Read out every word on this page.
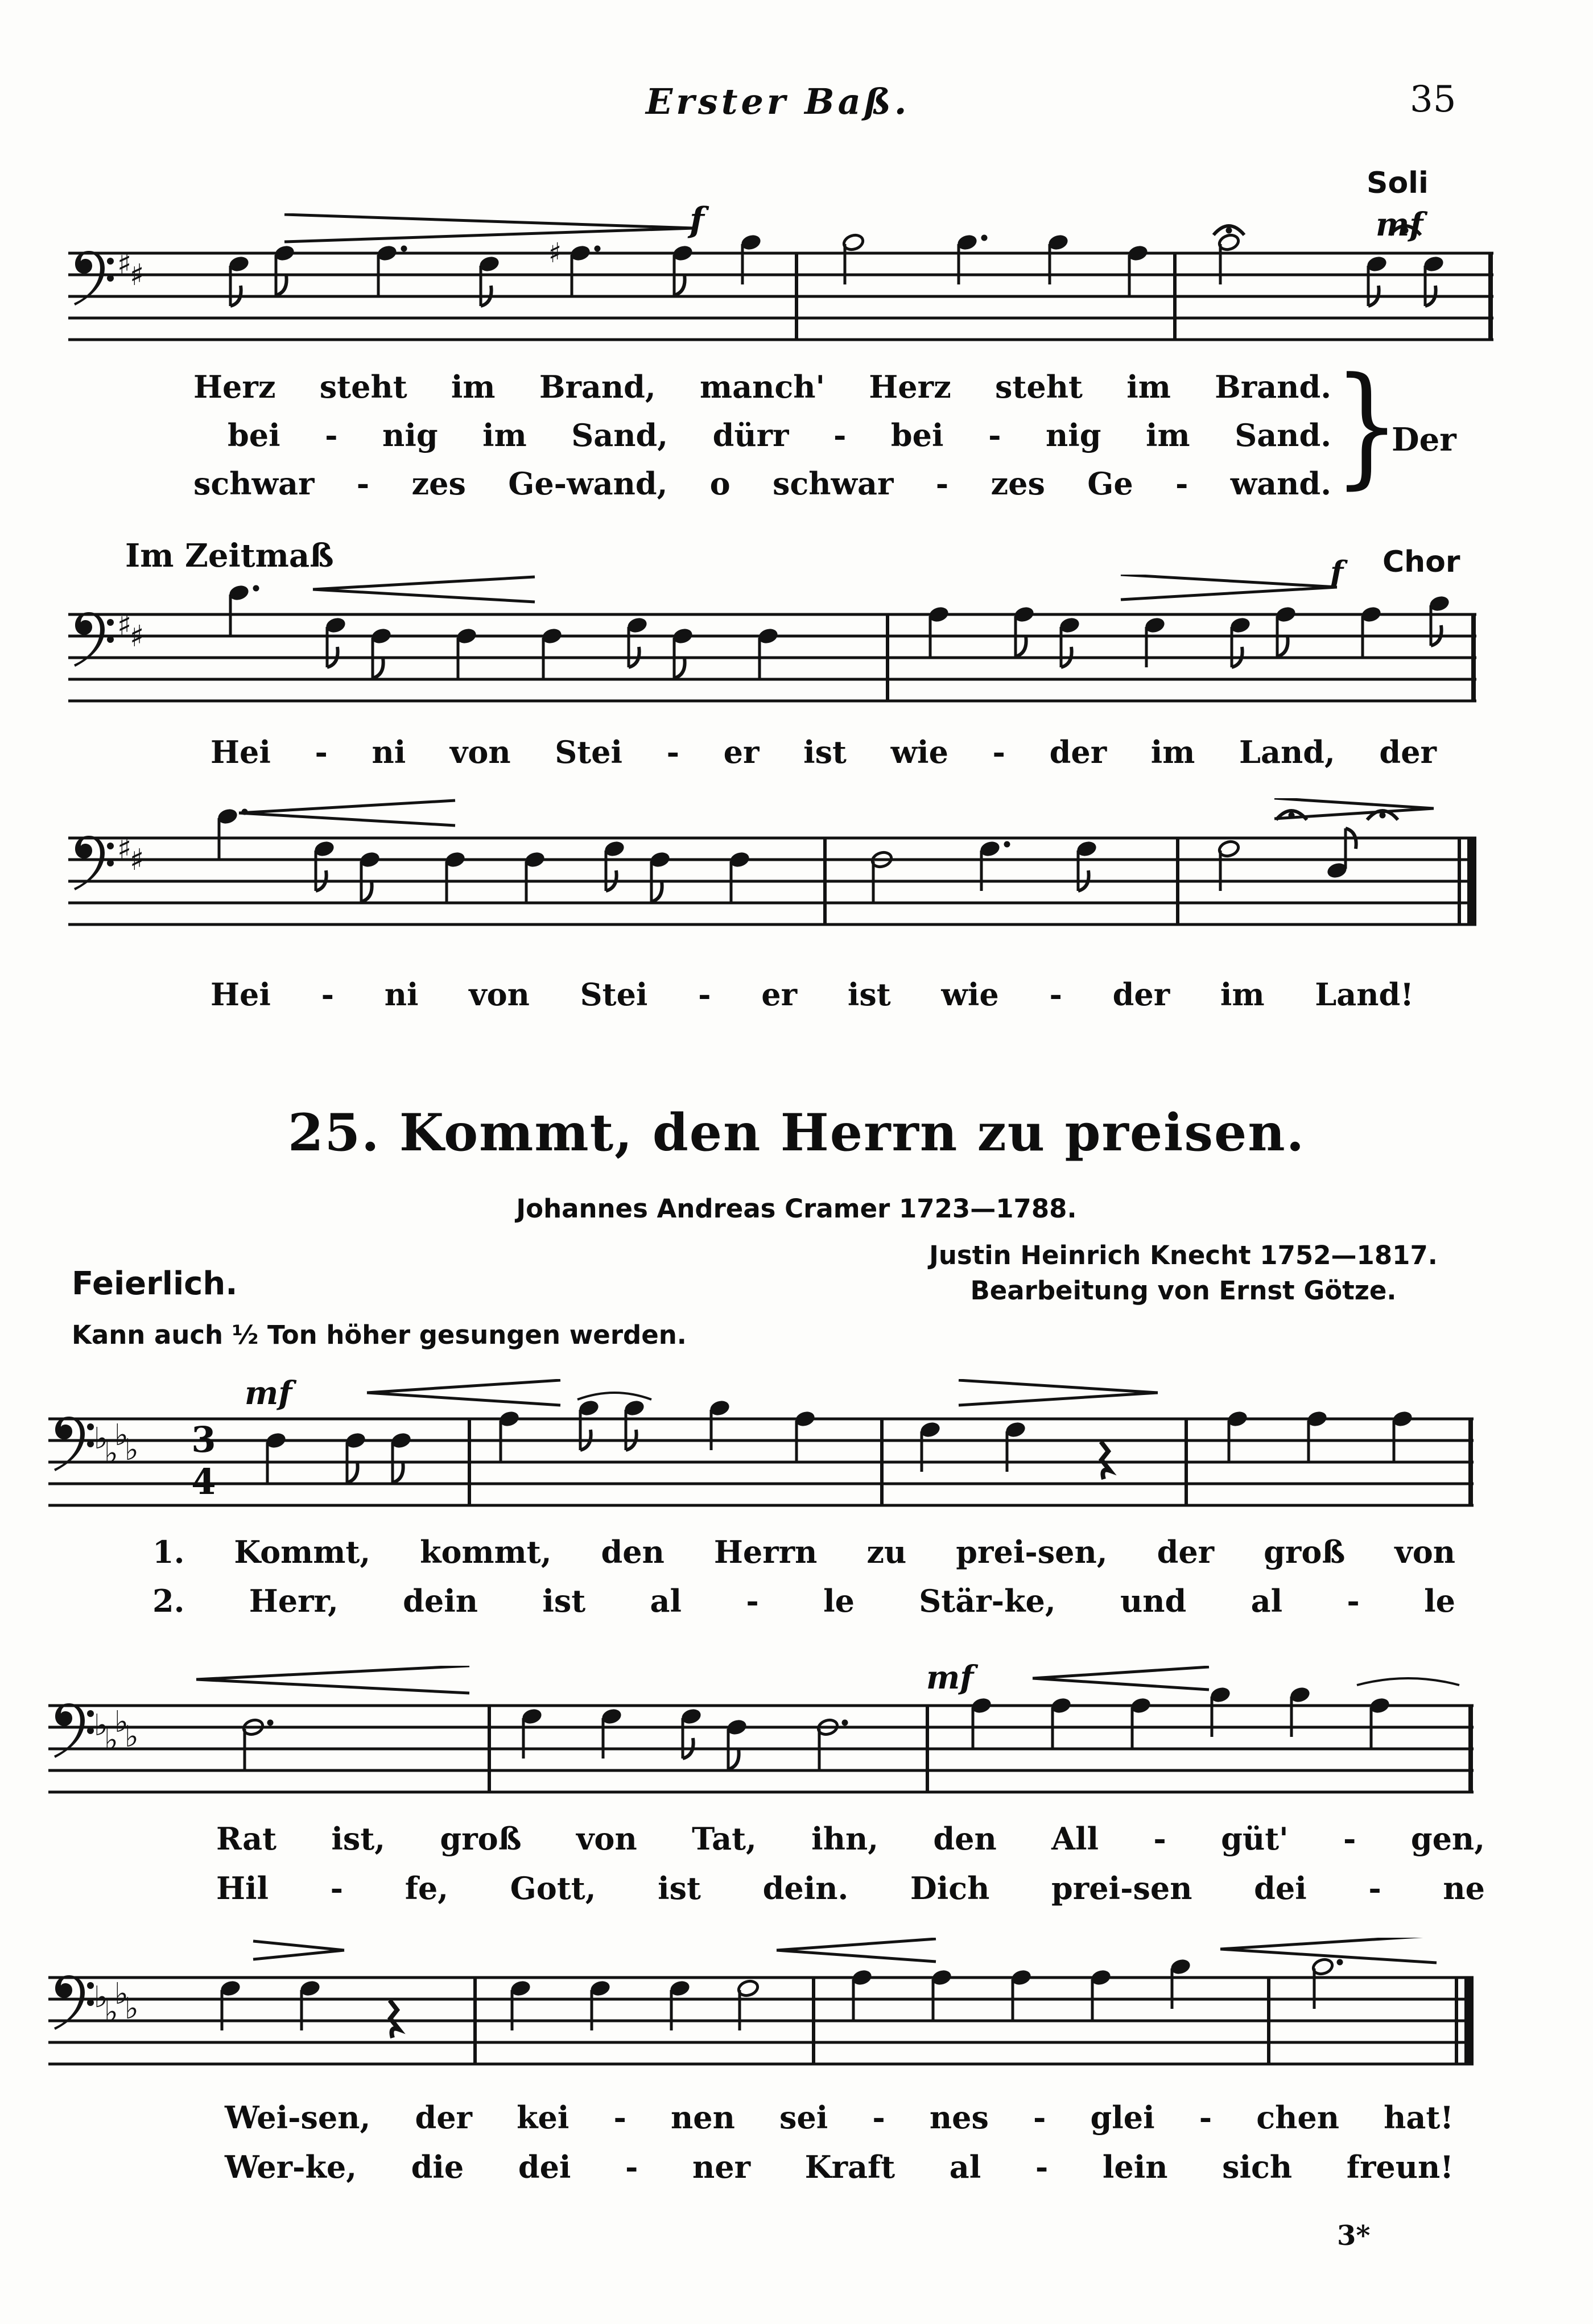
Erster Baß.	35
♯
♯
♯
f
Soli
mf
Herz steht im Brand, manch' Herz steht im Brand.
bei - nig im Sand, dürr - bei - nig im Sand.
schwar - zes Ge-wand, o schwar - zes Ge - wand. }
Der
Im Zeitmaß	f Chor
♯
♯
Hei - ni von Stei - er ist wie - der im Land, der
♯
♯
Hei - ni von Stei - er ist wie - der im Land!
25. Kommt, den Herrn zu preisen.
Johannes Andreas Cramer 1723—1788.
Justin Heinrich Knecht 1752—1817.
Bearbeitung von Ernst Götze.
Feierlich.
Kann auch ½ Ton höher gesungen werden.
mf
♭
♭
♭
♭ 3
4
1. Kommt, kommt, den Herrn zu prei-sen, der groß von
2. Herr, dein ist al - le Stär-ke, und al - le
mf
♭
♭
♭
♭
Rat ist, groß von Tat, ihn, den All - güt' - gen,
Hil - fe, Gott, ist dein. Dich prei-sen dei - ne
♭
♭
♭
♭
Wei-sen, der kei - nen sei - nes - glei - chen hat!
Wer-ke, die dei - ner Kraft al - lein sich freun!
3*
